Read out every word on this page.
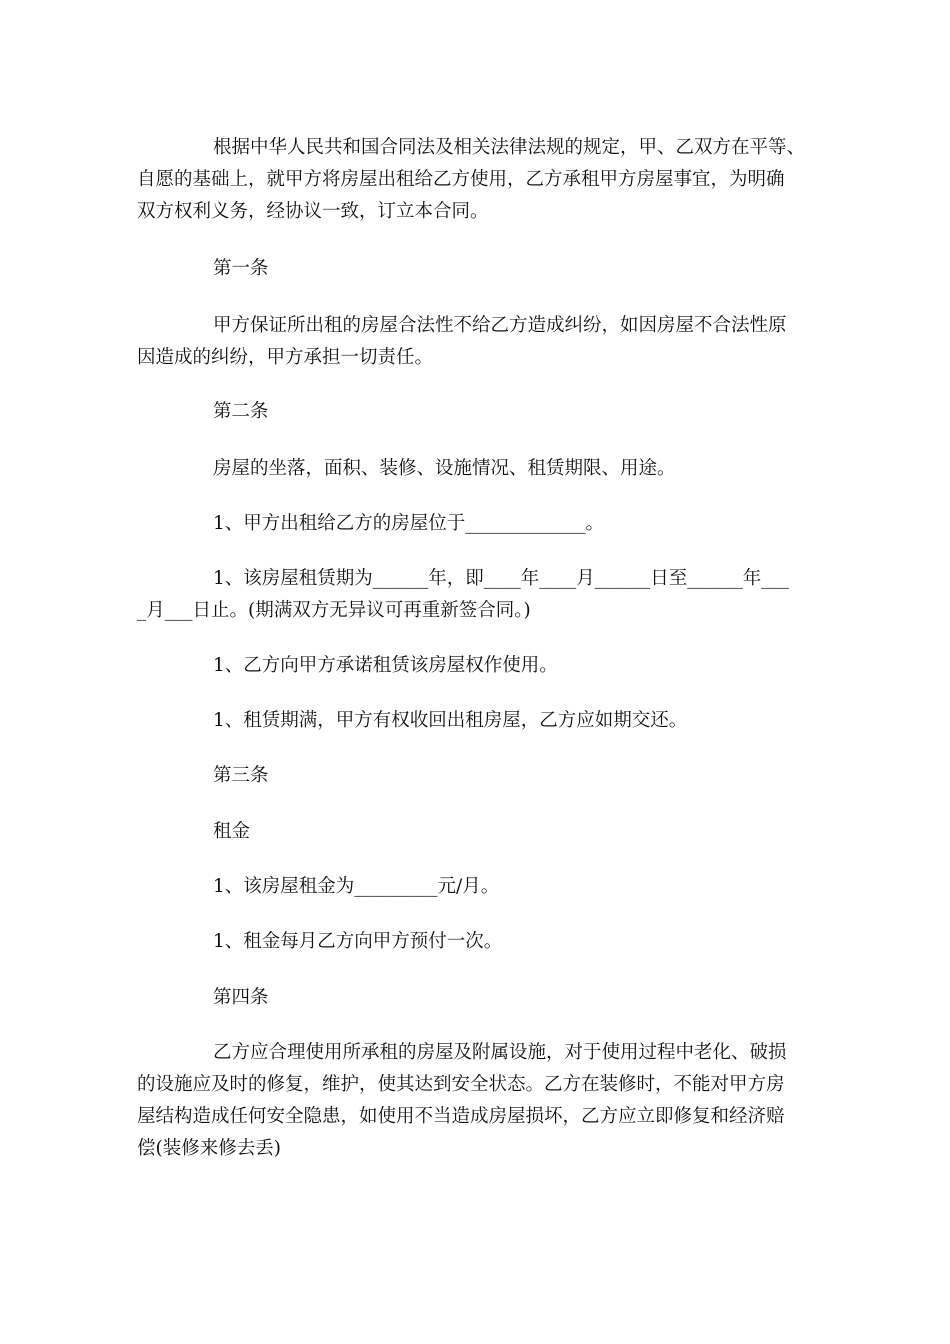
根据中华人民共和国合同法及相关法律法规的规定，甲、乙双方在平等、
自愿的基础上，就甲方将房屋出租给乙方使用，乙方承租甲方房屋事宜，为明确
双方权利义务，经协议一致，订立本合同。

第一条

甲方保证所出租的房屋合法性不给乙方造成纠纷，如因房屋不合法性原
因造成的纠纷，甲方承担一切责任。

第二条

房屋的坐落，面积、装修、设施情况、租赁期限、用途。

1、甲方出租给乙方的房屋位于_____________。

1、该房屋租赁期为______年，即____年____月______日至______年___
_月___日止。(期满双方无异议可再重新签合同。)

1、乙方向甲方承诺租赁该房屋权作使用。

1、租赁期满，甲方有权收回出租房屋，乙方应如期交还。

第三条

租金

1、该房屋租金为_________元/月。

1、租金每月乙方向甲方预付一次。

第四条

乙方应合理使用所承租的房屋及附属设施，对于使用过程中老化、破损
的设施应及时的修复，维护，使其达到安全状态。乙方在装修时，不能对甲方房
屋结构造成任何安全隐患，如使用不当造成房屋损坏，乙方应立即修复和经济赔
偿(装修来修去丢)
